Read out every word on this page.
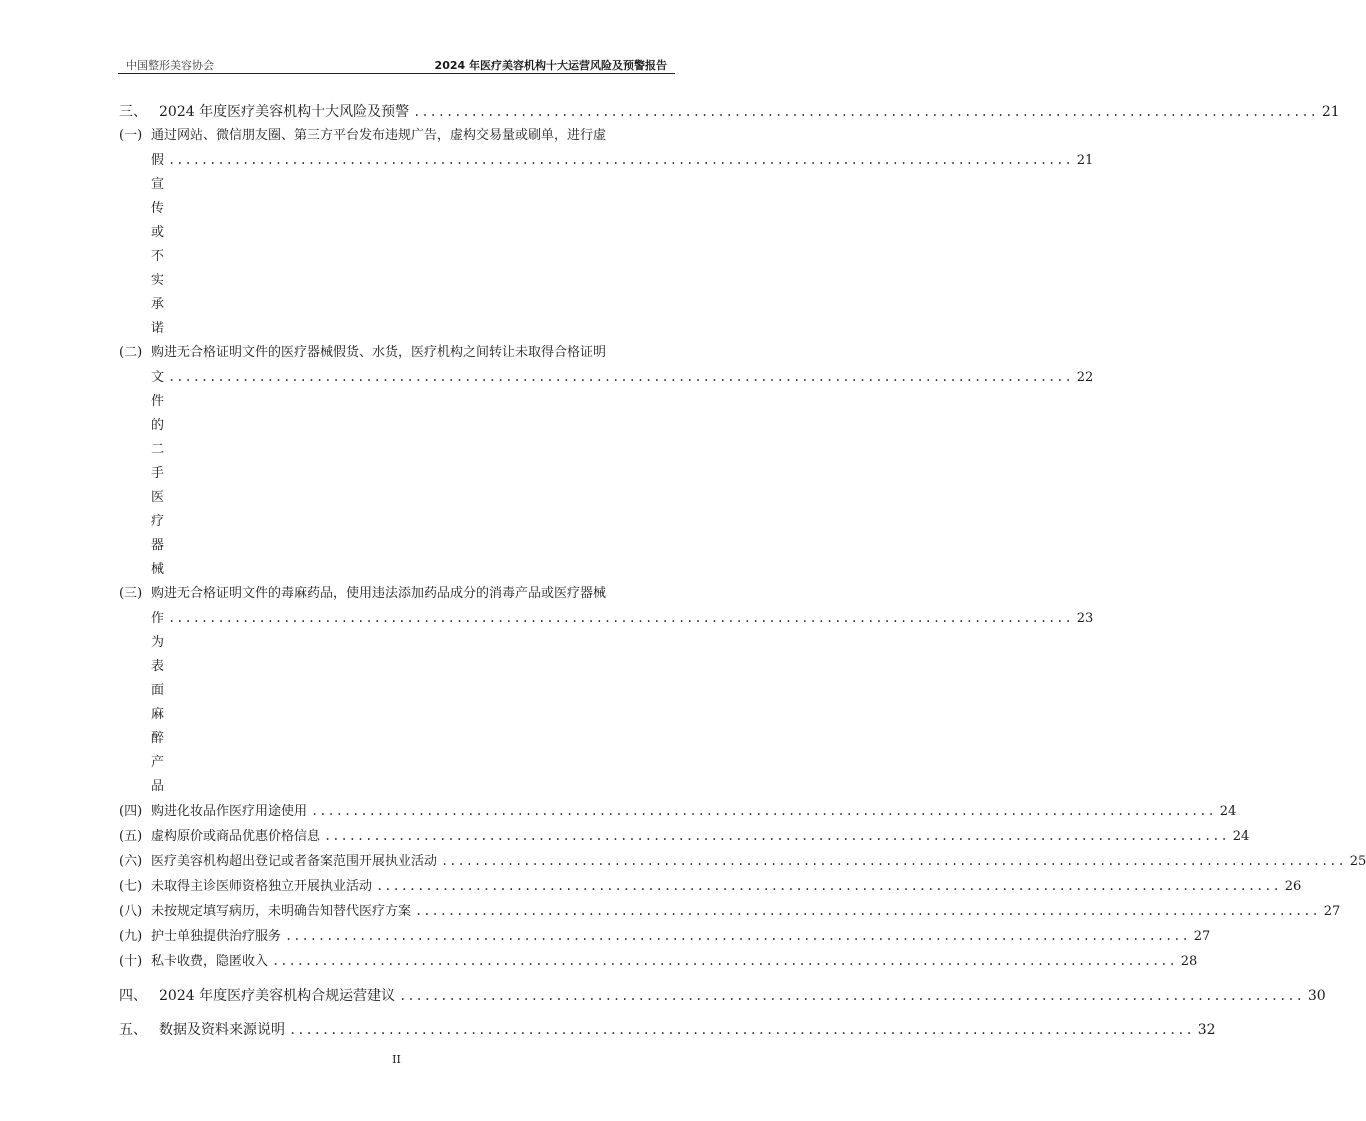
中国整形美容协会	2024 年医疗美容机构十大运营风险及预警报告
三、 2024 年度医疗美容机构十大风险及预警 .............................................................................................................. 21
(一) 通过网站、微信朋友圈、第三方平台发布违规广告，虚构交易量或刷单，进行虚
假宣传或不实承诺
.............................................................................................................. 21
(二) 购进无合格证明文件的医疗器械假货、水货，医疗机构之间转让未取得合格证明
文件的二手医疗器械
.............................................................................................................. 22
(三) 购进无合格证明文件的毒麻药品，使用违法添加药品成分的消毒产品或医疗器械
作为表面麻醉产品
.............................................................................................................. 23
(四) 购进化妆品作医疗用途使用 .............................................................................................................. 24
(五) 虚构原价或商品优惠价格信息 .............................................................................................................. 24
(六) 医疗美容机构超出登记或者备案范围开展执业活动 .............................................................................................................. 25
(七) 未取得主诊医师资格独立开展执业活动 .............................................................................................................. 26
(八) 未按规定填写病历，未明确告知替代医疗方案 .............................................................................................................. 27
(九) 护士单独提供治疗服务 .............................................................................................................. 27
(十) 私卡收费，隐匿收入 .............................................................................................................. 28
四、 2024 年度医疗美容机构合规运营建议 .............................................................................................................. 30
五、 数据及资料来源说明 .............................................................................................................. 32
II
